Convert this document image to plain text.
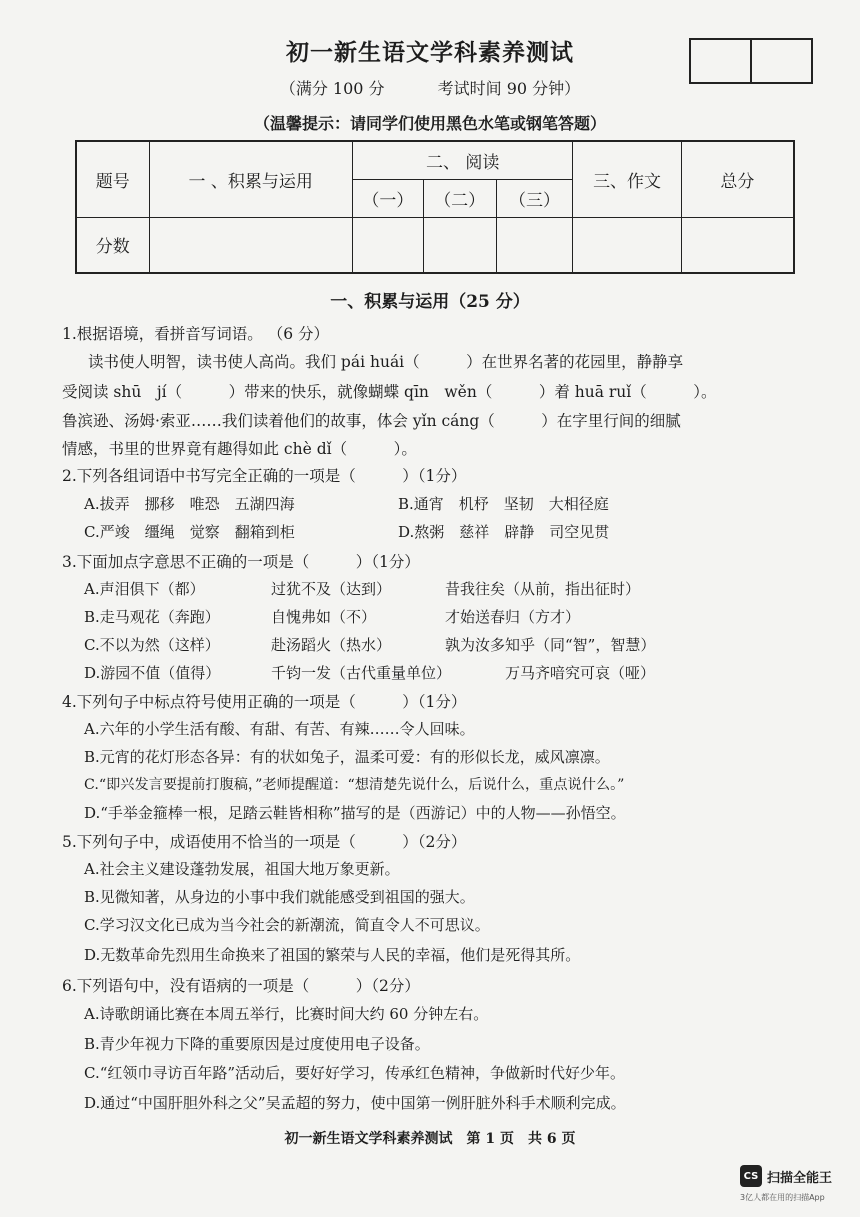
初一新生语文学科素养测试
（满分 100 分	考试时间 90 分钟）
（温馨提示：请同学们使用黑色水笔或钢笔答题）
题号	一 、积累与运用	二、 阅读			三、作文	总分
		（一）	（二）	（三）		
分数						
一、积累与运用（25 分）
1.根据语境，看拼音写词语。 （6 分）
读书使人明智，读书使人高尚。我们 pái huái（　　　）在世界名著的花园里，静静享
受阅读 shū　jí（　　　）带来的快乐，就像蝴蝶 qīn　wěn（　　　）着 huā ruǐ（　　　）。
鲁滨逊、汤姆·索亚……我们读着他们的故事，体会 yǐn cáng（　　　）在字里行间的细腻
情感，书里的世界竟有趣得如此 chè dǐ（　　　）。
2.下列各组词语中书写完全正确的一项是（　　　）（1分）
A.拔弄　挪移　唯恐　五湖四海	B.通宵　机杼　坚韧　大相径庭
C.严竣　缰绳　觉察　翻箱到柜	D.熬粥　慈祥　辟静　司空见贯
3.下面加点字意思不正确的一项是（　　　）（1分）
A.声泪俱下（都）	过犹不及（达到）	昔我往矣（从前，指出征时）
B.走马观花（奔跑）	自愧弗如（不）	才始送春归（方才）
C.不以为然（这样）	赴汤蹈火（热水）	孰为汝多知乎（同“智”，智慧）
D.游园不值（值得）	千钧一发（古代重量单位）	万马齐喑究可哀（哑）
4.下列句子中标点符号使用正确的一项是（　　　）（1分）
A.六年的小学生活有酸、有甜、有苦、有辣……令人回味。
B.元宵的花灯形态各异：有的状如兔子，温柔可爱：有的形似长龙，威风凛凛。
C.“即兴发言要提前打腹稿，”老师提醒道：“想清楚先说什么，后说什么，重点说什么。”
D.“手举金箍棒一根，足踏云鞋皆相称”描写的是（西游记）中的人物——孙悟空。
5.下列句子中，成语使用不恰当的一项是（　　　）（2分）
A.社会主义建设蓬勃发展，祖国大地万象更新。
B.见微知著，从身边的小事中我们就能感受到祖国的强大。
C.学习汉文化已成为当今社会的新潮流，简直令人不可思议。
D.无数革命先烈用生命换来了祖国的繁荣与人民的幸福，他们是死得其所。
6.下列语句中，没有语病的一项是（　　　）（2分）
A.诗歌朗诵比赛在本周五举行，比赛时间大约 60 分钟左右。
B.青少年视力下降的重要原因是过度使用电子设备。
C.“红领巾寻访百年路”活动后，要好好学习，传承红色精神，争做新时代好少年。
D.通过“中国肝胆外科之父”吴孟超的努力，使中国第一例肝脏外科手术顺利完成。
初一新生语文学科素养测试　第 1 页　共 6 页
CS 扫描全能王
3亿人都在用的扫描App
